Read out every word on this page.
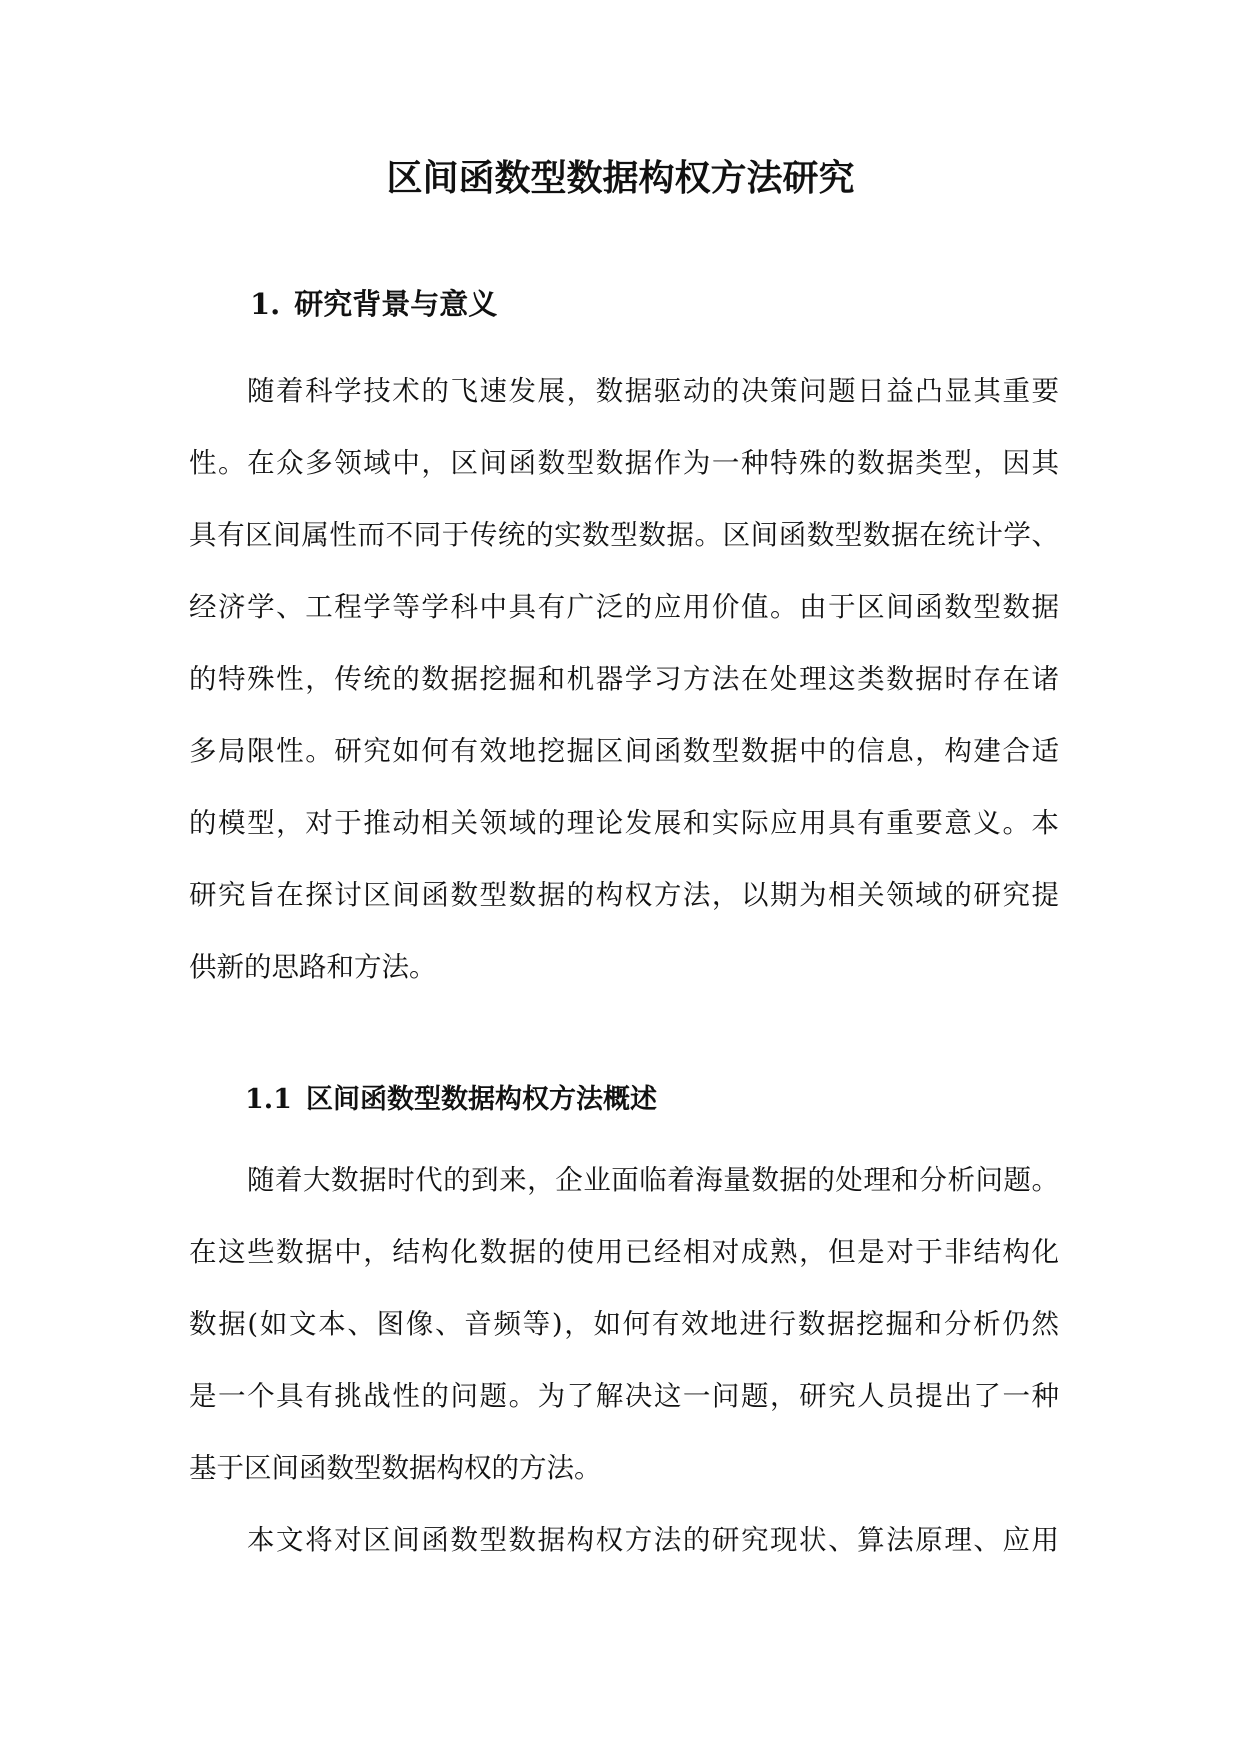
区间函数型数据构权方法研究
1. 研究背景与意义
随着科学技术的飞速发展，数据驱动的决策问题日益凸显其重要
性。在众多领域中，区间函数型数据作为一种特殊的数据类型，因其
具有区间属性而不同于传统的实数型数据。区间函数型数据在统计学、
经济学、工程学等学科中具有广泛的应用价值。由于区间函数型数据
的特殊性，传统的数据挖掘和机器学习方法在处理这类数据时存在诸
多局限性。研究如何有效地挖掘区间函数型数据中的信息，构建合适
的模型，对于推动相关领域的理论发展和实际应用具有重要意义。本
研究旨在探讨区间函数型数据的构权方法，以期为相关领域的研究提
供新的思路和方法。
1.1 区间函数型数据构权方法概述
随着大数据时代的到来，企业面临着海量数据的处理和分析问题。
在这些数据中，结构化数据的使用已经相对成熟，但是对于非结构化
数据(如文本、图像、音频等)，如何有效地进行数据挖掘和分析仍然
是一个具有挑战性的问题。为了解决这一问题，研究人员提出了一种
基于区间函数型数据构权的方法。
本文将对区间函数型数据构权方法的研究现状、算法原理、应用
